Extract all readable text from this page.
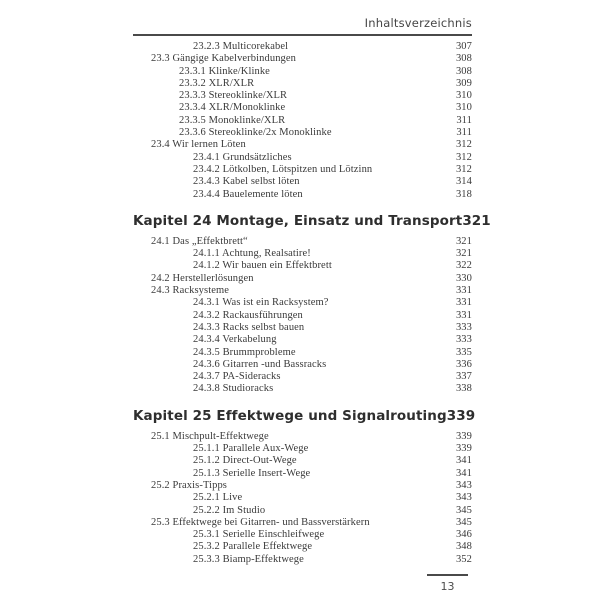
Inhaltsverzeichnis
23.2.3 Multicorekabel	307
23.3 Gängige Kabelverbindungen	308
23.3.1 Klinke/Klinke	308
23.3.2 XLR/XLR	309
23.3.3 Stereoklinke/XLR	310
23.3.4 XLR/Monoklinke	310
23.3.5 Monoklinke/XLR	311
23.3.6 Stereoklinke/2x Monoklinke	311
23.4 Wir lernen Löten	312
23.4.1 Grundsätzliches	312
23.4.2 Lötkolben, Lötspitzen und Lötzinn	312
23.4.3 Kabel selbst löten	314
23.4.4 Bauelemente löten	318
Kapitel 24 Montage, Einsatz und Transport 321
24.1 Das „Effektbrett“	321
24.1.1 Achtung, Realsatire!	321
24.1.2 Wir bauen ein Effektbrett	322
24.2 Herstellerlösungen	330
24.3 Racksysteme	331
24.3.1 Was ist ein Racksystem?	331
24.3.2 Rackausführungen	331
24.3.3 Racks selbst bauen	333
24.3.4 Verkabelung	333
24.3.5 Brummprobleme	335
24.3.6 Gitarren -und Bassracks	336
24.3.7 PA-Sideracks	337
24.3.8 Studioracks	338
Kapitel 25 Effektwege und Signalrouting 339
25.1 Mischpult-Effektwege	339
25.1.1 Parallele Aux-Wege	339
25.1.2 Direct-Out-Wege	341
25.1.3 Serielle Insert-Wege	341
25.2 Praxis-Tipps	343
25.2.1 Live	343
25.2.2 Im Studio	345
25.3 Effektwege bei Gitarren- und Bassverstärkern	345
25.3.1 Serielle Einschleifwege	346
25.3.2 Parallele Effektwege	348
25.3.3 Biamp-Effektwege	352
13
